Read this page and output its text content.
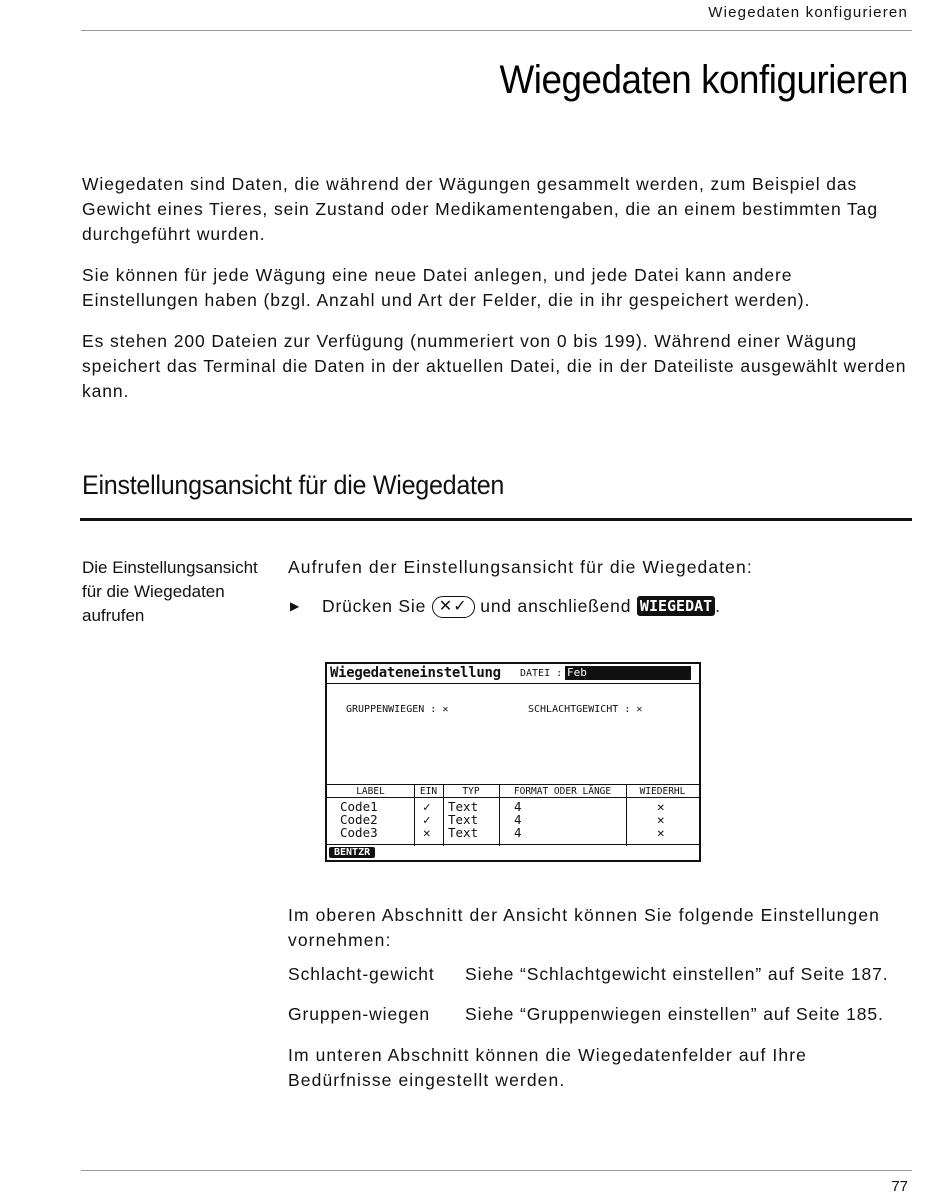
Wiegedaten konfigurieren
Wiegedaten konfigurieren

Wiegedaten sind Daten, die während der Wägungen gesammelt werden, zum Beispiel das Gewicht eines Tieres, sein Zustand oder Medikamentengaben, die an einem bestimmten Tag durchgeführt wurden.

Sie können für jede Wägung eine neue Datei anlegen, und jede Datei kann andere Einstellungen haben (bzgl. Anzahl und Art der Felder, die in ihr gespeichert werden).

Es stehen 200 Dateien zur Verfügung (nummeriert von 0 bis 199). Während einer Wägung speichert das Terminal die Daten in der aktuellen Datei, die in der Dateiliste ausgewählt werden kann.

Einstellungsansicht für die Wiegedaten
Die Einstellungsansicht für die Wiegedaten aufrufen
Aufrufen der Einstellungsansicht für die Wiegedaten:
▶ Drücken Sie ✕✓ und anschließend WIEGEDAT .
Wiegedateneinstellung DATEI : Feb
GRUPPENWIEGEN : ✕	SCHLACHTGEWICHT : ✕
LABEL	EIN	TYP	FORMAT ODER LÄNGE	WIEDERHL
Code1	✓ Text	4	✕
Code2	✓ Text	4	✕
Code3	✕ Text	4	✕
BENTZR
Im oberen Abschnitt der Ansicht können Sie folgende Einstellungen vornehmen:
Schlacht-gewicht Siehe “Schlachtgewicht einstellen” auf Seite 187.
Gruppen-wiegen Siehe “Gruppenwiegen einstellen” auf Seite 185.
Im unteren Abschnitt können die Wiegedatenfelder auf Ihre Bedürfnisse eingestellt werden.
77
